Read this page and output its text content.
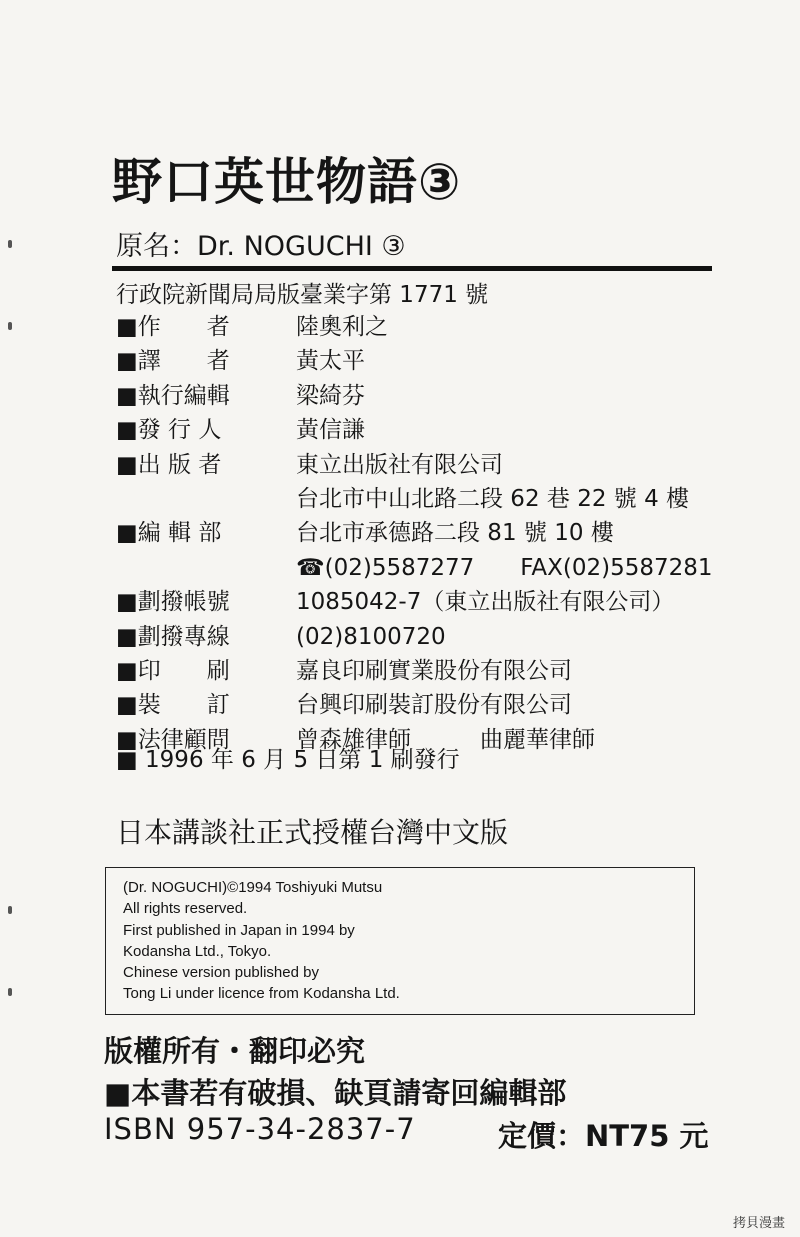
野口英世物語③
原名：Dr. NOGUCHI ③
行政院新聞局局版臺業字第 1771 號
■作　　者	陸奧利之
■譯　　者	黃太平
■執行編輯	梁綺芬
■發 行 人	黃信謙
■出 版 者	東立出版社有限公司
台北市中山北路二段 62 巷 22 號 4 樓
■編 輯 部	台北市承德路二段 81 號 10 樓
☎(02)5587277　　FAX(02)5587281
■劃撥帳號	1085042-7（東立出版社有限公司）
■劃撥專線	(02)8100720
■印　　刷	嘉良印刷實業股份有限公司
■裝　　訂	台興印刷裝訂股份有限公司
■法律顧問	曾森雄律師　　　曲麗華律師
■ 1996 年 6 月 5 日第 1 刷發行
日本講談社正式授權台灣中文版
(Dr. NOGUCHI)©1994 Toshiyuki Mutsu
All rights reserved.
First published in Japan in 1994 by
Kodansha Ltd., Tokyo.
Chinese version published by
Tong Li under licence from Kodansha Ltd.
版權所有・翻印必究
■本書若有破損、缺頁請寄回編輯部
ISBN 957-34-2837-7	定價：NT75 元
拷貝漫畫
